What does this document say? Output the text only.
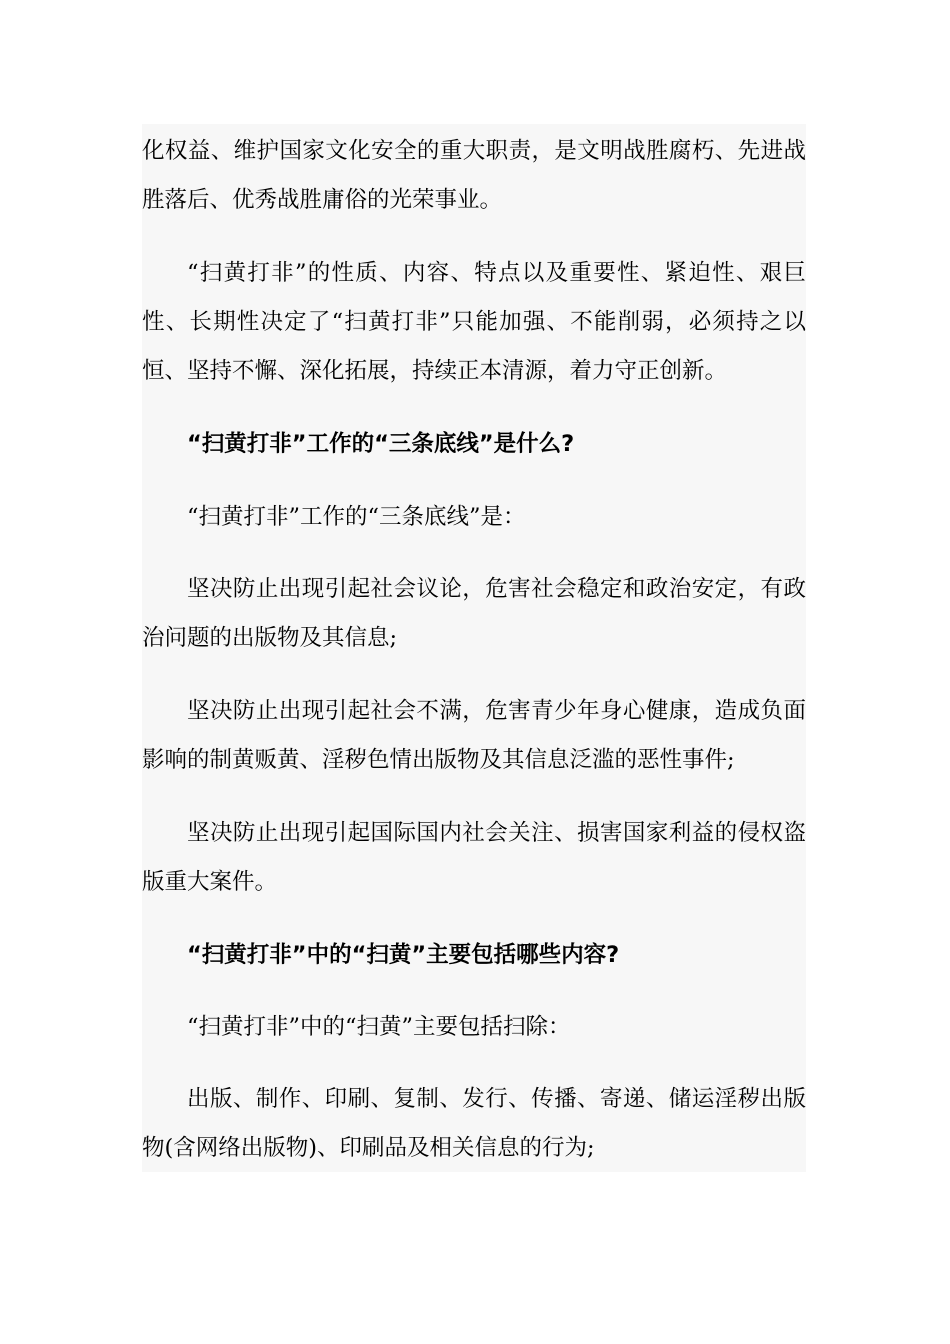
化权益、维护国家文化安全的重大职责，是文明战胜腐朽、先进战胜落后、优秀战胜庸俗的光荣事业。

“扫黄打非”的性质、内容、特点以及重要性、紧迫性、艰巨性、长期性决定了“扫黄打非”只能加强、不能削弱，必须持之以恒、坚持不懈、深化拓展，持续正本清源，着力守正创新。

“扫黄打非”工作的“三条底线”是什么?

“扫黄打非”工作的“三条底线”是：

坚决防止出现引起社会议论，危害社会稳定和政治安定，有政治问题的出版物及其信息;

坚决防止出现引起社会不满，危害青少年身心健康，造成负面影响的制黄贩黄、淫秽色情出版物及其信息泛滥的恶性事件;

坚决防止出现引起国际国内社会关注、损害国家利益的侵权盗版重大案件。

“扫黄打非”中的“扫黄”主要包括哪些内容?

“扫黄打非”中的“扫黄”主要包括扫除：

出版、制作、印刷、复制、发行、传播、寄递、储运淫秽出版物(含网络出版物)、印刷品及相关信息的行为;
